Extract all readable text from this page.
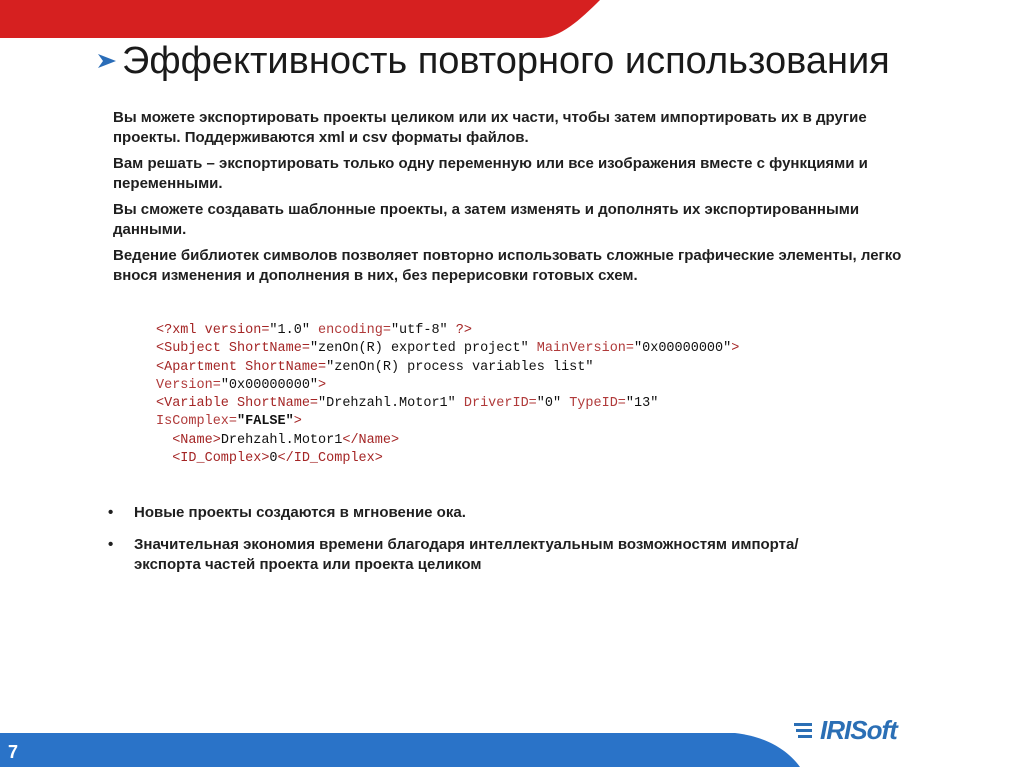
Эффективность повторного использования

Вы можете экспортировать проекты целиком или их части, чтобы затем импортировать их в другие проекты. Поддерживаются xml и csv форматы файлов.

Вам решать – экспортировать только одну переменную или все изображения вместе с функциями и переменными.

Вы сможете создавать шаблонные проекты, а затем изменять и дополнять их экспортированными данными.

Ведение библиотек символов позволяет повторно использовать сложные графические элементы, легко внося изменения и дополнения в них, без перерисовки готовых схем.

<?xml version="1.0" encoding="utf-8" ?>
<Subject ShortName="zenOn(R) exported project" MainVersion="0x00000000">
<Apartment ShortName="zenOn(R) process variables list"
Version="0x00000000">
<Variable ShortName="Drehzahl.Motor1" DriverID="0" TypeID="13"
IsComplex="FALSE">
<Name>Drehzahl.Motor1</Name>
<ID_Complex>0</ID_Complex>
•	Новые проекты создаются в мгновение ока.
•	Значительная экономия времени благодаря интеллектуальным возможностям импорта/экспорта частей проекта или проекта целиком
7
IRISoft
СРЕДСТВА и СИСТЕМЫ АВТОМАТИЗАЦИИ
